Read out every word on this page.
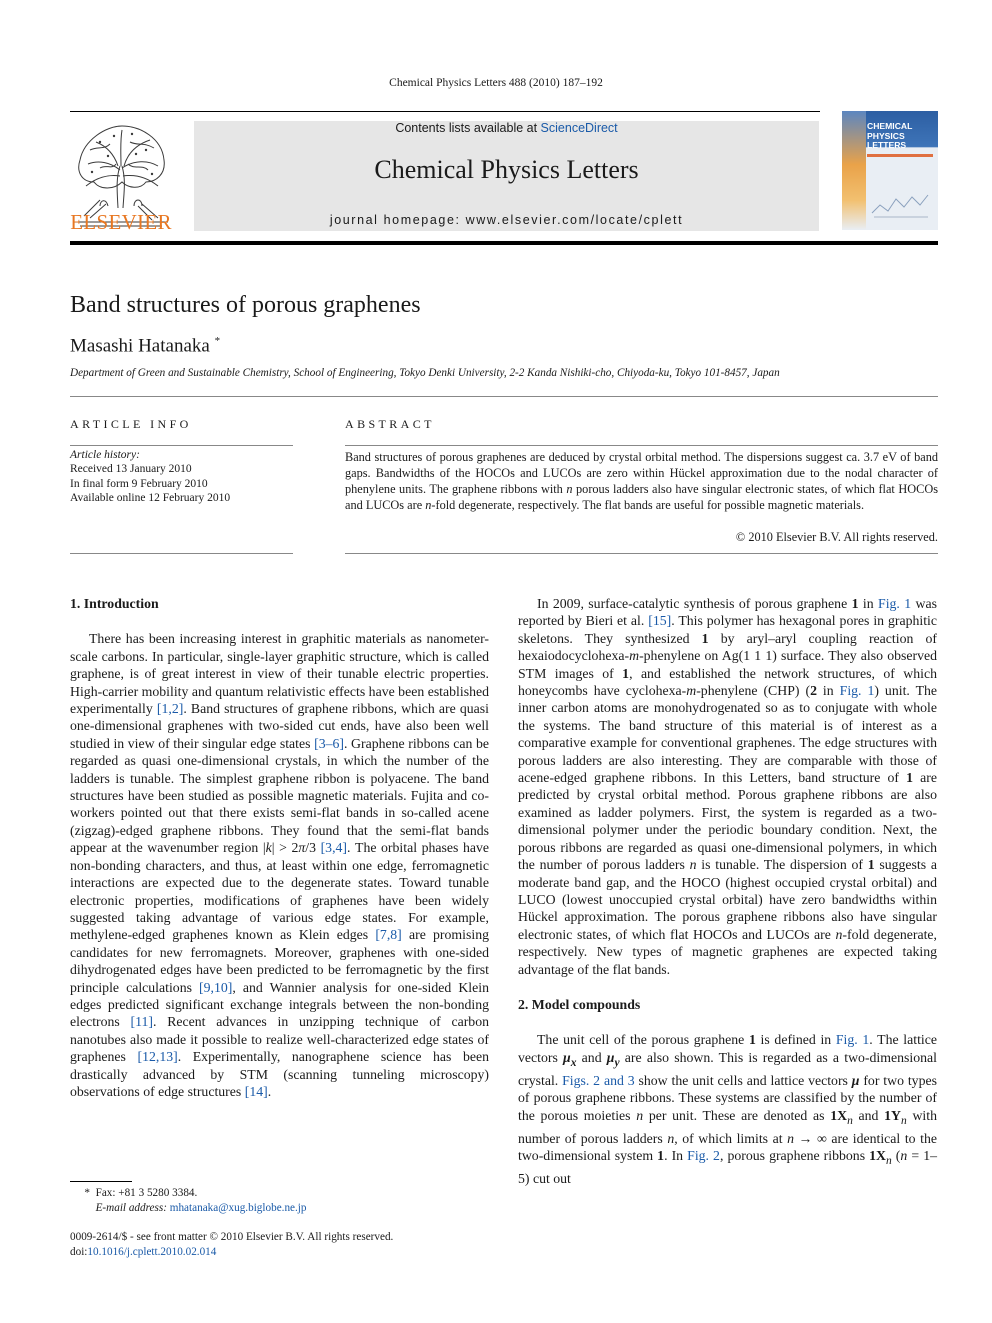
Chemical Physics Letters 488 (2010) 187–192
ELSEVIER
Contents lists available at ScienceDirect
Chemical Physics Letters
journal homepage: www.elsevier.com/locate/cplett
CHEMICAL
PHYSICS
LETTERS
Band structures of porous graphenes
Masashi Hatanaka *
Department of Green and Sustainable Chemistry, School of Engineering, Tokyo Denki University, 2-2 Kanda Nishiki-cho, Chiyoda-ku, Tokyo 101-8457, Japan
ARTICLE INFO	ABSTRACT
Article history:
Received 13 January 2010
In final form 9 February 2010
Available online 12 February 2010
Band structures of porous graphenes are deduced by crystal orbital method. The dispersions suggest ca. 3.7 eV of band gaps. Bandwidths of the HOCOs and LUCOs are zero within Hückel approximation due to the nodal character of phenylene units. The graphene ribbons with n porous ladders also have singular electronic states, of which flat HOCOs and LUCOs are n-fold degenerate, respectively. The flat bands are useful for possible magnetic materials.
© 2010 Elsevier B.V. All rights reserved.
1. Introduction

There has been increasing interest in graphitic materials as nanometer-scale carbons. In particular, single-layer graphitic structure, which is called graphene, is of great interest in view of their tunable electric properties. High-carrier mobility and quantum relativistic effects have been established experimentally [1,2]. Band structures of graphene ribbons, which are quasi one-dimensional graphenes with two-sided cut ends, have also been well studied in view of their singular edge states [3–6]. Graphene ribbons can be regarded as quasi one-dimensional crystals, in which the number of the ladders is tunable. The simplest graphene ribbon is polyacene. The band structures have been studied as possible magnetic materials. Fujita and co-workers pointed out that there exists semi-flat bands in so-called acene (zigzag)-edged graphene ribbons. They found that the semi-flat bands appear at the wavenumber region |k| > 2π/3 [3,4]. The orbital phases have non-bonding characters, and thus, at least within one edge, ferromagnetic interactions are expected due to the degenerate states. Toward tunable electronic properties, modifications of graphenes have been widely suggested taking advantage of various edge states. For example, methylene-edged graphenes known as Klein edges [7,8] are promising candidates for new ferromagnets. Moreover, graphenes with one-sided dihydrogenated edges have been predicted to be ferromagnetic by the first principle calculations [9,10], and Wannier analysis for one-sided Klein edges predicted significant exchange integrals between the non-bonding electrons [11]. Recent advances in unzipping technique of carbon nanotubes also made it possible to realize well-characterized edge states of graphenes [12,13]. Experimentally, nanographene science has been drastically advanced by STM (scanning tunneling microscopy) observations of edge structures [14].

In 2009, surface-catalytic synthesis of porous graphene 1 in Fig. 1 was reported by Bieri et al. [15]. This polymer has hexagonal pores in graphitic skeletons. They synthesized 1 by aryl–aryl coupling reaction of hexaiodocyclohexa-m-phenylene on Ag(1 1 1) surface. They also observed STM images of 1, and established the network structures, of which honeycombs have cyclohexa-m-phenylene (CHP) (2 in Fig. 1) unit. The inner carbon atoms are monohydrogenated so as to conjugate with whole the systems. The band structure of this material is of interest as a comparative example for conventional graphenes. The edge structures with porous ladders are also interesting. They are comparable with those of acene-edged graphene ribbons. In this Letters, band structure of 1 are predicted by crystal orbital method. Porous graphene ribbons are also examined as ladder polymers. First, the system is regarded as a two-dimensional polymer under the periodic boundary condition. Next, the porous ribbons are regarded as quasi one-dimensional polymers, in which the number of porous ladders n is tunable. The dispersion of 1 suggests a moderate band gap, and the HOCO (highest occupied crystal orbital) and LUCO (lowest unoccupied crystal orbital) have zero bandwidths within Hückel approximation. The porous graphene ribbons also have singular electronic states, of which flat HOCOs and LUCOs are n-fold degenerate, respectively. New types of magnetic graphenes are expected taking advantage of the flat bands.

2. Model compounds

The unit cell of the porous graphene 1 is defined in Fig. 1. The lattice vectors $\mu_x$ and $\mu_y$ are also shown. This is regarded as a two-dimensional crystal. Figs. 2 and 3 show the unit cells and lattice vectors μ for two types of porous graphene ribbons. These systems are classified by the number of the porous moieties n per unit. These are denoted as $1X_n$ and $1Y_n$ with number of porous ladders n, of which limits at n → ∞ are identical to the two-dimensional system 1. In Fig. 2, porous graphene ribbons $1X_n$ (n = 1–5) cut out

* Fax: +81 3 5280 3384.
E-mail address: mhatanaka@xug.biglobe.ne.jp
0009-2614/$ - see front matter © 2010 Elsevier B.V. All rights reserved.
doi:10.1016/j.cplett.2010.02.014
